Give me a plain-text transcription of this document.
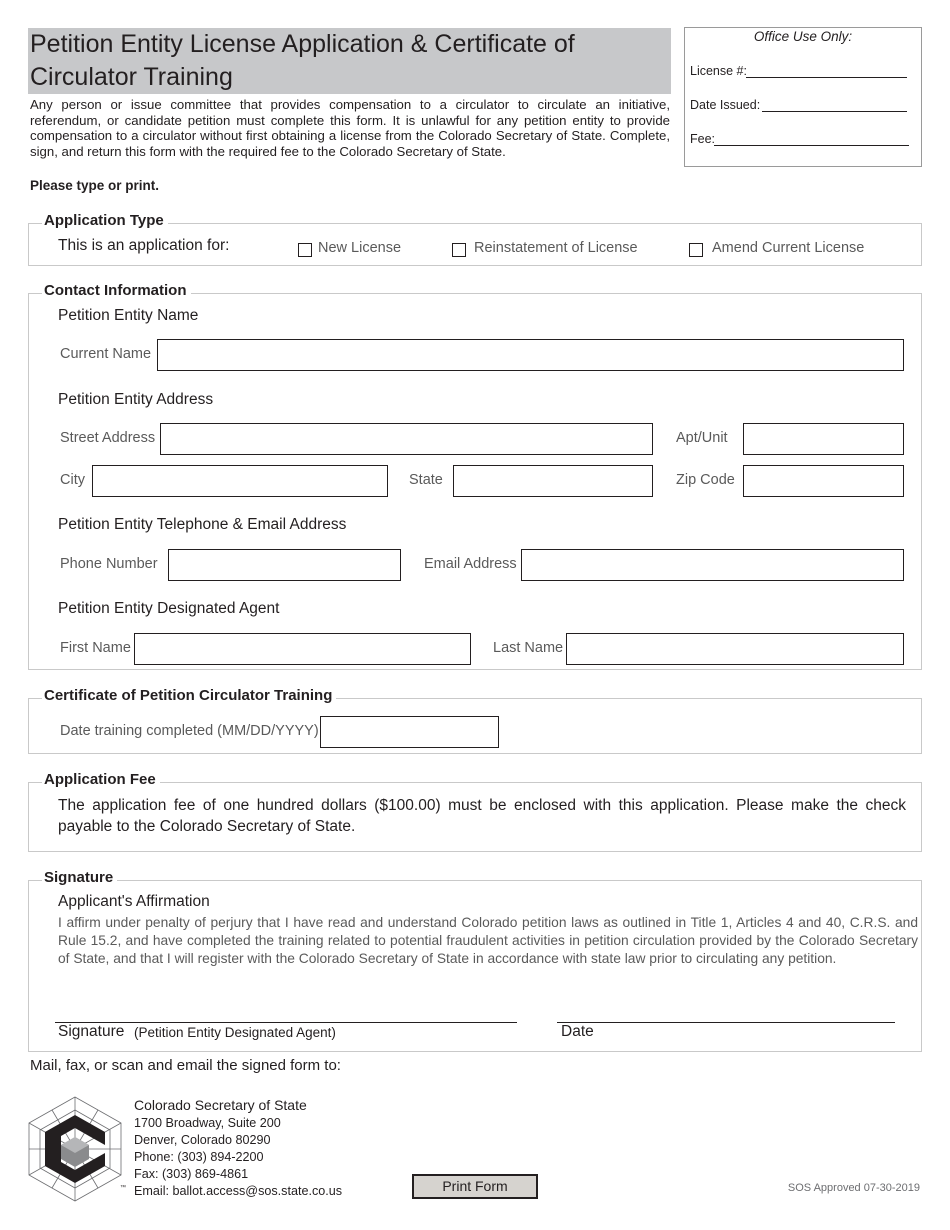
Petition Entity License Application & Certificate of Circulator Training
Any person or issue committee that provides compensation to a circulator to circulate an initiative, referendum, or candidate petition must complete this form. It is unlawful for any petition entity to provide compensation to a circulator without first obtaining a license from the Colorado Secretary of State. Complete, sign, and return this form with the required fee to the Colorado Secretary of State.
Please type or print.
Office Use Only:
License #:
Date Issued:
Fee:
Application Type
This is an application for:	New License	Reinstatement of License	Amend Current License
Contact Information
Petition Entity Name
Current Name
Petition Entity Address
Street Address	Apt/Unit
City	State	Zip Code
Petition Entity Telephone & Email Address
Phone Number	Email Address
Petition Entity Designated Agent
First Name	Last Name
Certificate of Petition Circulator Training
Date training completed (MM/DD/YYYY)
Application Fee
The application fee of one hundred dollars ($100.00) must be enclosed with this application. Please make the check payable to the Colorado Secretary of State.
Signature
Applicant's Affirmation
I affirm under penalty of perjury that I have read and understand Colorado petition laws as outlined in Title 1, Articles 4 and 40, C.R.S. and Rule 15.2, and have completed the training related to potential fraudulent activities in petition circulation provided by the Colorado Secretary of State, and that I will register with the Colorado Secretary of State in accordance with state law prior to circulating any petition.
Signature (Petition Entity Designated Agent)	Date
Mail, fax, or scan and email the signed form to:
™
Colorado Secretary of State
1700 Broadway, Suite 200
Denver, Colorado 80290
Phone: (303) 894-2200
Fax: (303) 869-4861
Email: ballot.access@sos.state.co.us	Print Form	SOS Approved 07-30-2019
